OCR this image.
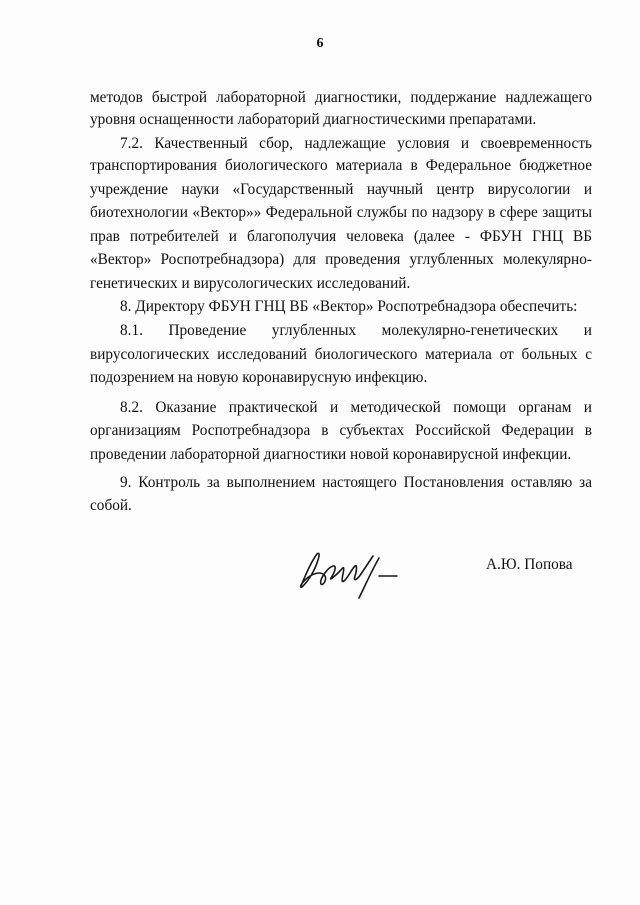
6
методов быстрой лабораторной диагностики, поддержание надлежащего
уровня оснащенности лабораторий диагностическими препаратами.
7.2. Качественный сбор, надлежащие условия и своевременность
транспортирования биологического материала в Федеральное бюджетное
учреждение науки «Государственный научный центр вирусологии и
биотехнологии «Вектор»» Федеральной службы по надзору в сфере защиты
прав потребителей и благополучия человека (далее - ФБУН ГНЦ ВБ
«Вектор» Роспотребнадзора) для проведения углубленных молекулярно-
генетических и вирусологических исследований.
8. Директору ФБУН ГНЦ ВБ «Вектор» Роспотребнадзора обеспечить:
8.1. Проведение углубленных молекулярно-генетических и
вирусологических исследований биологического материала от больных с
подозрением на новую коронавирусную инфекцию.
8.2. Оказание практической и методической помощи органам и
организациям Роспотребнадзора в субъектах Российской Федерации в
проведении лабораторной диагностики новой коронавирусной инфекции.
9. Контроль за выполнением настоящего Постановления оставляю за
собой.
А.Ю. Попова
